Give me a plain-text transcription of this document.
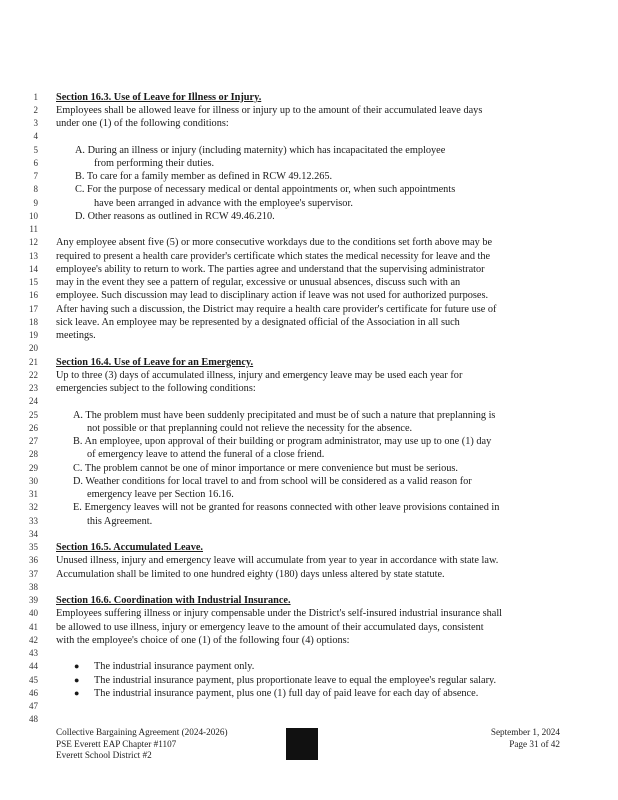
1 Section 16.3. Use of Leave for Illness or Injury.
2 Employees shall be allowed leave for illness or injury up to the amount of their accumulated leave days
3 under one (1) of the following conditions:
4
5	A. During an illness or injury (including maternity) which has incapacitated the employee
6	from performing their duties.
7	B. To care for a family member as defined in RCW 49.12.265.
8	C. For the purpose of necessary medical or dental appointments or, when such appointments
9	have been arranged in advance with the employee's supervisor.
10	D. Other reasons as outlined in RCW 49.46.210.
11
12 Any employee absent five (5) or more consecutive workdays due to the conditions set forth above may be
13 required to present a health care provider's certificate which states the medical necessity for leave and the
14 employee's ability to return to work. The parties agree and understand that the supervising administrator
15 may in the event they see a pattern of regular, excessive or unusual absences, discuss such with an
16 employee. Such discussion may lead to disciplinary action if leave was not used for authorized purposes.
17 After having such a discussion, the District may require a health care provider's certificate for future use of
18 sick leave. An employee may be represented by a designated official of the Association in all such
19 meetings.
20
21 Section 16.4. Use of Leave for an Emergency.
22 Up to three (3) days of accumulated illness, injury and emergency leave may be used each year for
23 emergencies subject to the following conditions:
24
25	A. The problem must have been suddenly precipitated and must be of such a nature that preplanning is
26	not possible or that preplanning could not relieve the necessity for the absence.
27	B. An employee, upon approval of their building or program administrator, may use up to one (1) day
28	of emergency leave to attend the funeral of a close friend.
29	C. The problem cannot be one of minor importance or mere convenience but must be serious.
30	D. Weather conditions for local travel to and from school will be considered as a valid reason for
31	emergency leave per Section 16.16.
32	E. Emergency leaves will not be granted for reasons connected with other leave provisions contained in
33	this Agreement.
34
35 Section 16.5. Accumulated Leave.
36 Unused illness, injury and emergency leave will accumulate from year to year in accordance with state law.
37 Accumulation shall be limited to one hundred eighty (180) days unless altered by state statute.
38
39 Section 16.6. Coordination with Industrial Insurance.
40 Employees suffering illness or injury compensable under the District's self-insured industrial insurance shall
41 be allowed to use illness, injury or emergency leave to the amount of their accumulated days, consistent
42 with the employee's choice of one (1) of the following four (4) options:
43
44	● The industrial insurance payment only.
45	● The industrial insurance payment, plus proportionate leave to equal the employee's regular salary.
46	● The industrial insurance payment, plus one (1) full day of paid leave for each day of absence.
47
48
Collective Bargaining Agreement (2024-2026)
PSE Everett EAP Chapter #1107
Everett School District #2
September 1, 2024
Page 31 of 42
